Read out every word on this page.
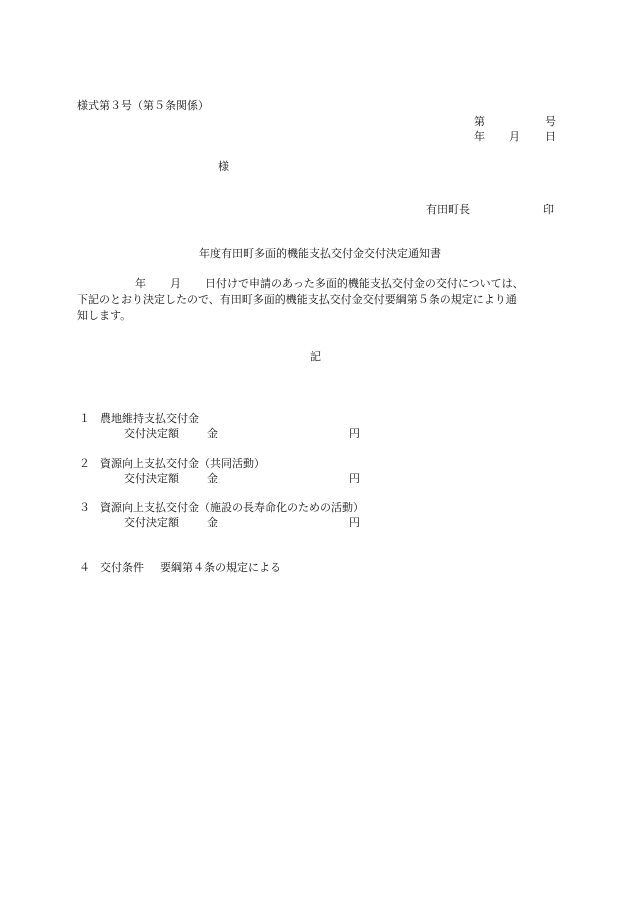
様式第３号（第５条関係）
第	号
年 月 日
様
有田町長	印
年度有田町多面的機能支払交付金交付決定通知書
年 月 日付けで申請のあった多面的機能支払交付金の交付については、
下記のとおり決定したので、有田町多面的機能支払交付金交付要綱第５条の規定により通
知します。
記
１ 農地維持支払交付金
交付決定額	金	円
２ 資源向上支払交付金（共同活動）
交付決定額	金	円
３ 資源向上支払交付金（施設の長寿命化のための活動）
交付決定額	金	円
４ 交付条件 要綱第４条の規定による
